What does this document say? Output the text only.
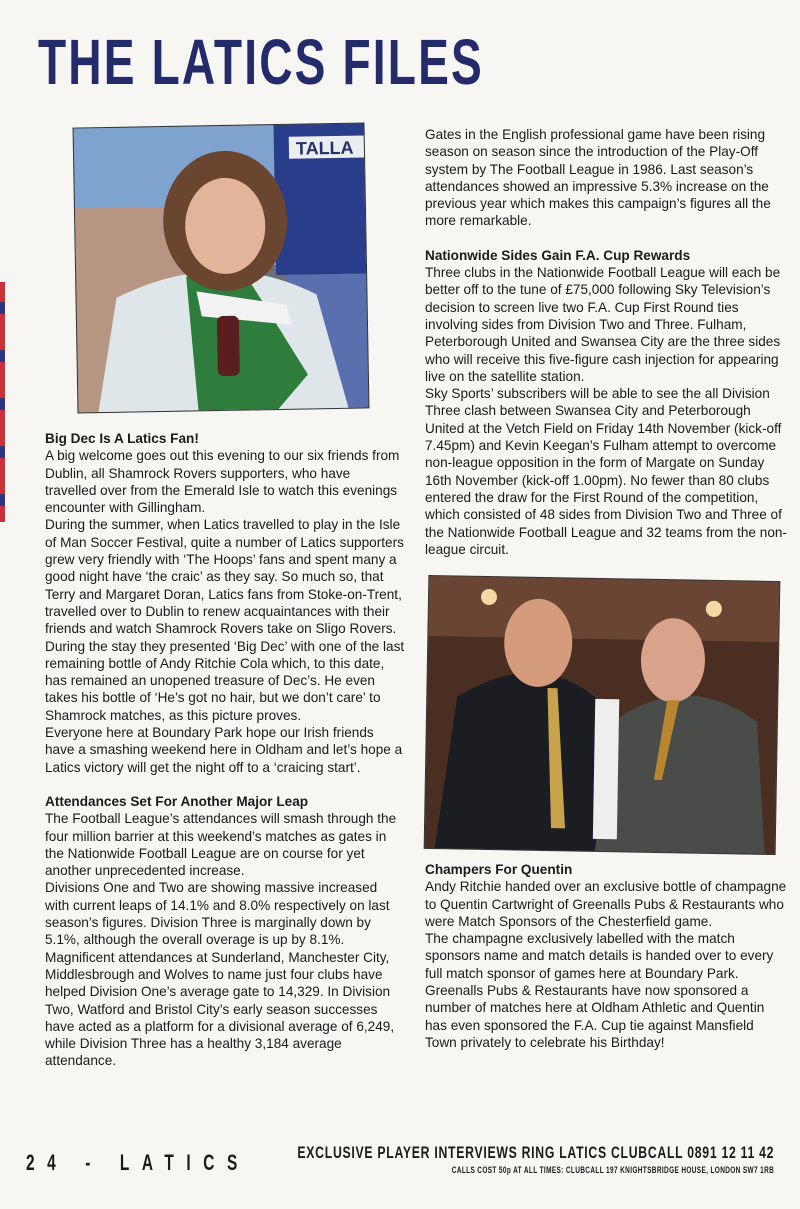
THE LATICS FILES
TALLA
Big Dec Is A Latics Fan!

A big welcome goes out this evening to our six friends from Dublin, all Shamrock Rovers supporters, who have travelled over from the Emerald Isle to watch this evenings encounter with Gillingham.

During the summer, when Latics travelled to play in the Isle of Man Soccer Festival, quite a number of Latics supporters grew very friendly with ‘The Hoops’ fans and spent many a good night have ‘the craic’ as they say. So much so, that Terry and Margaret Doran, Latics fans from Stoke-on-Trent, travelled over to Dublin to renew acquaintances with their friends and watch Shamrock Rovers take on Sligo Rovers.

During the stay they presented ‘Big Dec’ with one of the last remaining bottle of Andy Ritchie Cola which, to this date, has remained an unopened treasure of Dec’s. He even takes his bottle of ‘He’s got no hair, but we don’t care’ to Shamrock matches, as this picture proves.

Everyone here at Boundary Park hope our Irish friends have a smashing weekend here in Oldham and let’s hope a Latics victory will get the night off to a ‘craicing start’.

Attendances Set For Another Major Leap

The Football League’s attendances will smash through the four million barrier at this weekend’s matches as gates in the Nationwide Football League are on course for yet another unprecedented increase.

Divisions One and Two are showing massive increased with current leaps of 14.1% and 8.0% respectively on last season’s figures. Division Three is marginally down by 5.1%, although the overall overage is up by 8.1%. Magnificent attendances at Sunderland, Manchester City, Middlesbrough and Wolves to name just four clubs have helped Division One’s average gate to 14,329. In Division Two, Watford and Bristol City’s early season successes have acted as a platform for a divisional average of 6,249, while Division Three has a healthy 3,184 average attendance.

Gates in the English professional game have been rising season on season since the introduction of the Play-Off system by The Football League in 1986. Last season’s attendances showed an impressive 5.3% increase on the previous year which makes this campaign’s figures all the more remarkable.

Nationwide Sides Gain F.A. Cup Rewards

Three clubs in the Nationwide Football League will each be better off to the tune of £75,000 following Sky Television’s decision to screen live two F.A. Cup First Round ties involving sides from Division Two and Three. Fulham, Peterborough United and Swansea City are the three sides who will receive this five-figure cash injection for appearing live on the satellite station.

Sky Sports’ subscribers will be able to see the all Division Three clash between Swansea City and Peterborough United at the Vetch Field on Friday 14th November (kick-off 7.45pm) and Kevin Keegan’s Fulham attempt to overcome non-league opposition in the form of Margate on Sunday 16th November (kick-off 1.00pm). No fewer than 80 clubs entered the draw for the First Round of the competition, which consisted of 48 sides from Division Two and Three of the Nationwide Football League and 32 teams from the non-league circuit.

Champers For Quentin

Andy Ritchie handed over an exclusive bottle of champagne to Quentin Cartwright of Greenalls Pubs & Restaurants who were Match Sponsors of the Chesterfield game.

The champagne exclusively labelled with the match sponsors name and match details is handed over to every full match sponsor of games here at Boundary Park.

Greenalls Pubs & Restaurants have now sponsored a number of matches here at Oldham Athletic and Quentin has even sponsored the F.A. Cup tie against Mansfield Town privately to celebrate his Birthday!

24 - LATICS	EXCLUSIVE PLAYER INTERVIEWS RING LATICS CLUBCALL 0891 12 11 42
CALLS COST 50p AT ALL TIMES: CLUBCALL 197 KNIGHTSBRIDGE HOUSE, LONDON SW7 1RB
